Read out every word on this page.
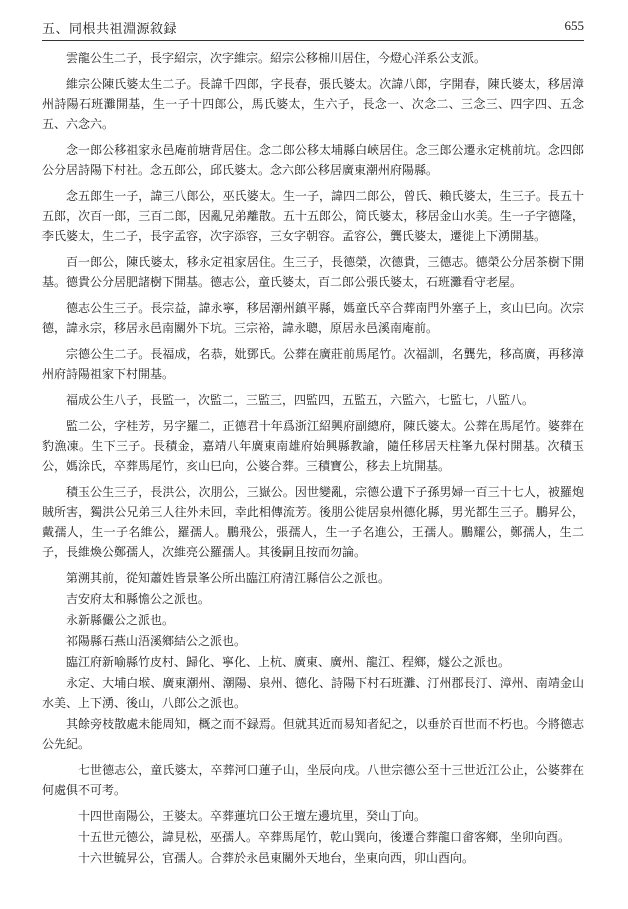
五、同根共祖淵源敘録	655

雲龍公生二子，長字紹宗，次字維宗。紹宗公移棉川居住，今燈心洋系公支派。

維宗公陳氏婆太生二子。長諱千四郎，字長春，張氏婆太。次諱八郎，字開春，陳氏婆太，移居漳州詩陽石班灘開基，生一子十四郎公，馬氏婆太，生六子，長念一、次念二、三念三、四字四、五念五、六念六。

念一郎公移祖家永邑庵前塘背居住。念二郎公移太埔縣白峽居住。念三郎公遷永定桃前坑。念四郎公分居詩陽下村社。念五郎公，邱氏婆太。念六郎公移居廣東潮州府陽縣。

念五郎生一子，諱三八郎公，巫氏婆太。生一子，諱四二郎公，曾氏、賴氏婆太，生三子。長五十五郎，次百一郎，三百二郎，因亂兄弟離散。五十五郎公，简氏婆太，移居金山水美。生一子字德隆，李氏婆太，生二子，長字孟容，次字添容，三女字朝容。孟容公，龔氏婆太，遷徙上下湧開基。

百一郎公，陳氏婆太，移永定祖家居住。生三子，長德榮，次德貴，三德志。德榮公分居茶樹下開基。德貴公分居肥諸樹下開基。德志公，童氏婆太，百二郎公張氏婆太，石班灘看守老屋。

德志公生三子。長宗益，諱永寧，移居潮州鎮平縣，媽童氏卒合葬南門外塞子上，亥山巳向。次宗德，諱永宗，移居永邑南關外下坑。三宗裕，諱永聰，原居永邑溪南庵前。

宗德公生二子。長福成，名恭，妣鄧氏。公葬在廣莊前馬尾竹。次福訓，名龔先，移高廣，再移漳州府詩陽祖家下村開基。

福成公生八子，長監一，次監二，三監三，四監四，五監五，六監六，七監七，八監八。

監二公，字桂芳，另字羅二，正德君十年爲浙江紹興府副總府，陳氏婆太。公葬在馬尾竹。婆葬在豹漁凍。生下三子。長積金，嘉靖八年廣東南雄府始興縣教諭，隨任移居天柱峯九保村開基。次積玉公，媽涂氏，卒葬馬尾竹，亥山巳向，公婆合葬。三積寶公，移去上坑開基。

積玉公生三子，長洪公，次朋公，三嶽公。因世變亂，宗德公遺下子孫男婦一百三十七人，被羅炮賊所害，獨洪公兄弟三人往外未回，幸此相傳流芳。後朋公徙居泉州德化縣，男光都生三子。鵬昇公，戴孺人，生一子名維公，羅孺人。鵬飛公，張孺人，生一子名進公，王孺人。鵬耀公，鄭孺人，生二子，長維煥公鄭孺人，次維亮公羅孺人。其後嗣且按而勿論。

第溯其前，從知蕭姓皆景峯公所出臨江府清江縣信公之派也。

吉安府太和縣憺公之派也。

永新縣儼公之派也。

祁陽縣石燕山浯溪鄉結公之派也。

臨江府新喻縣竹皮村、歸化、寧化、上杭、廣東、廣州、龍江、程鄉，燧公之派也。

永定、大埔白堠、廣東潮州、潮陽、泉州、德化、詩陽下村石班灘、汀州郡長汀、漳州、南靖金山水美、上下湧、後山，八郎公之派也。

其餘旁枝散處未能周知，概之而不録焉。但就其近而易知者紀之，以垂於百世而不朽也。今將德志公先紀。

七世德志公，童氏婆太，卒葬河口蓮子山，坐辰向戌。八世宗德公至十三世近江公止，公婆葬在何處俱不可考。

十四世南陽公，王婆太。卒葬蓮坑口公王壇左邊坑里，癸山丁向。

十五世元德公，諱見松，巫孺人。卒葬馬尾竹，乾山巽向，後遷合葬龍口畲客鄉，坐卯向酉。

十六世毓昇公，官孺人。合葬於永邑東關外天地台，坐東向西，卯山酉向。
